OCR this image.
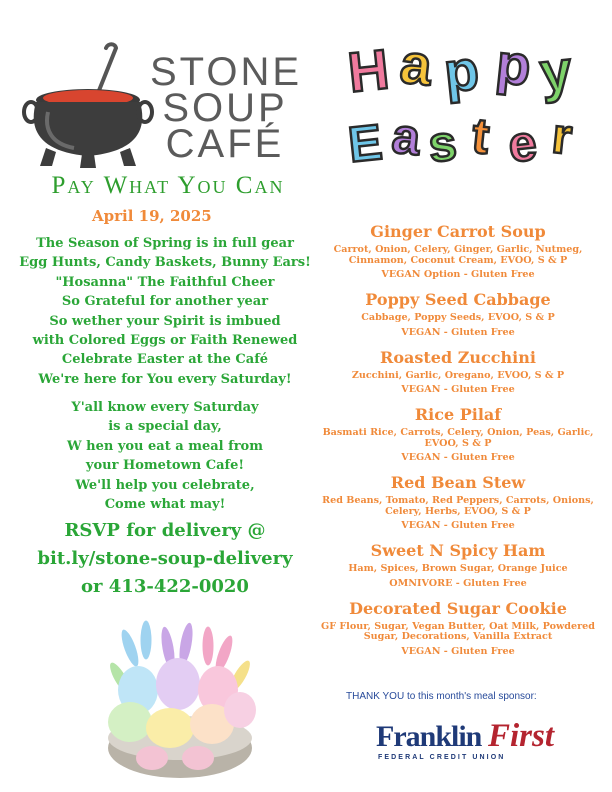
STONE
SOUP
CAFÉ
Pay What You Can
April 19, 2025
The Season of Spring is in full gear
Egg Hunts, Candy Baskets, Bunny Ears!
"Hosanna" The Faithful Cheer
So Grateful for another year
So wether your Spirit is imbued
with Colored Eggs or Faith Renewed
Celebrate Easter at the Café
We're here for You every Saturday!
Y'all know every Saturday
is a special day,
W hen you eat a meal from
your Hometown Cafe!
We'll help you celebrate,
Come what may!
RSVP for delivery @
bit.ly/stone-soup-delivery
or 413-422-0020
H a p p y
E a s t e r
Ginger Carrot Soup
Carrot, Onion, Celery, Ginger, Garlic, Nutmeg, Cinnamon, Coconut Cream, EVOO, S & P
VEGAN Option - Gluten Free
Poppy Seed Cabbage
Cabbage, Poppy Seeds, EVOO, S & P
VEGAN - Gluten Free
Roasted Zucchini
Zucchini, Garlic, Oregano, EVOO, S & P
VEGAN - Gluten Free
Rice Pilaf
Basmati Rice, Carrots, Celery, Onion, Peas, Garlic, EVOO, S & P
VEGAN - Gluten Free
Red Bean Stew
Red Beans, Tomato, Red Peppers, Carrots, Onions, Celery, Herbs, EVOO, S & P
VEGAN - Gluten Free
Sweet N Spicy Ham
Ham, Spices, Brown Sugar, Orange Juice
OMNIVORE - Gluten Free
Decorated Sugar Cookie
GF Flour, Sugar, Vegan Butter, Oat Milk, Powdered Sugar, Decorations, Vanilla Extract
VEGAN - Gluten Free
THANK YOU to this month's meal sponsor:
Franklin First
FEDERAL CREDIT UNION
